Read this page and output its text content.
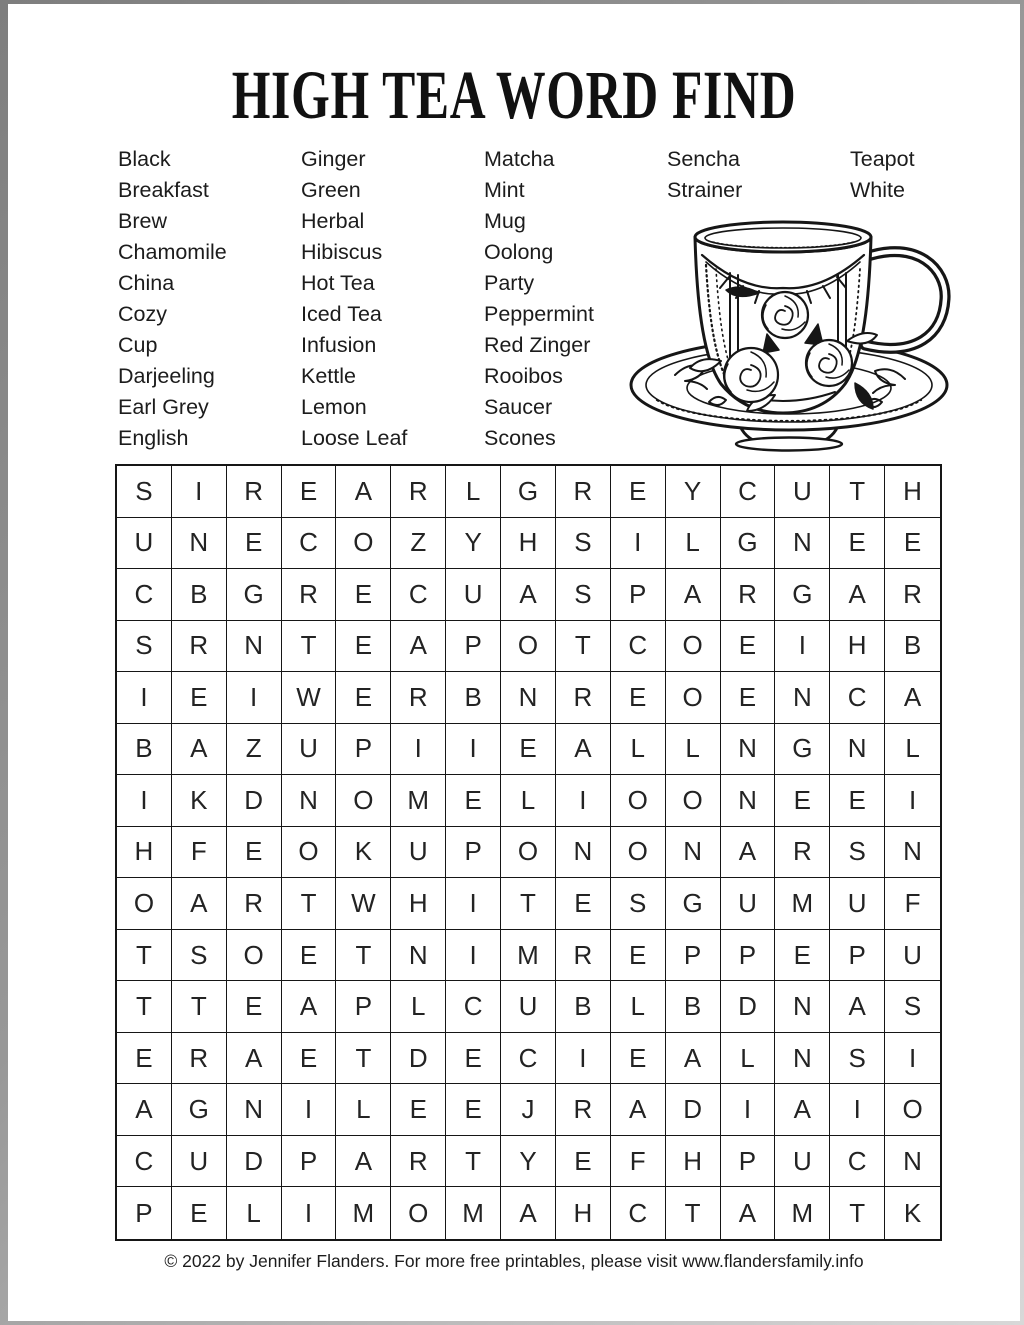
HIGH TEA WORD FIND
Black
Breakfast
Brew
Chamomile
China
Cozy
Cup
Darjeeling
Earl Grey
English
Ginger
Green
Herbal
Hibiscus
Hot Tea
Iced Tea
Infusion
Kettle
Lemon
Loose Leaf
Matcha
Mint
Mug
Oolong
Party
Peppermint
Red Zinger
Rooibos
Saucer
Scones
Sencha
Strainer
Teapot
White
S	I	R	E	A	R	L	G	R	E	Y	C	U	T	H
U	N	E	C	O	Z	Y	H	S	I	L	G	N	E	E
C	B	G	R	E	C	U	A	S	P	A	R	G	A	R
S	R	N	T	E	A	P	O	T	C	O	E	I	H	B
I	E	I	W	E	R	B	N	R	E	O	E	N	C	A
B	A	Z	U	P	I	I	E	A	L	L	N	G	N	L
I	K	D	N	O	M	E	L	I	O	O	N	E	E	I
H	F	E	O	K	U	P	O	N	O	N	A	R	S	N
O	A	R	T	W	H	I	T	E	S	G	U	M	U	F
T	S	O	E	T	N	I	M	R	E	P	P	E	P	U
T	T	E	A	P	L	C	U	B	L	B	D	N	A	S
E	R	A	E	T	D	E	C	I	E	A	L	N	S	I
A	G	N	I	L	E	E	J	R	A	D	I	A	I	O
C	U	D	P	A	R	T	Y	E	F	H	P	U	C	N
P	E	L	I	M	O	M	A	H	C	T	A	M	T	K
© 2022 by Jennifer Flanders. For more free printables, please visit www.flandersfamily.info
